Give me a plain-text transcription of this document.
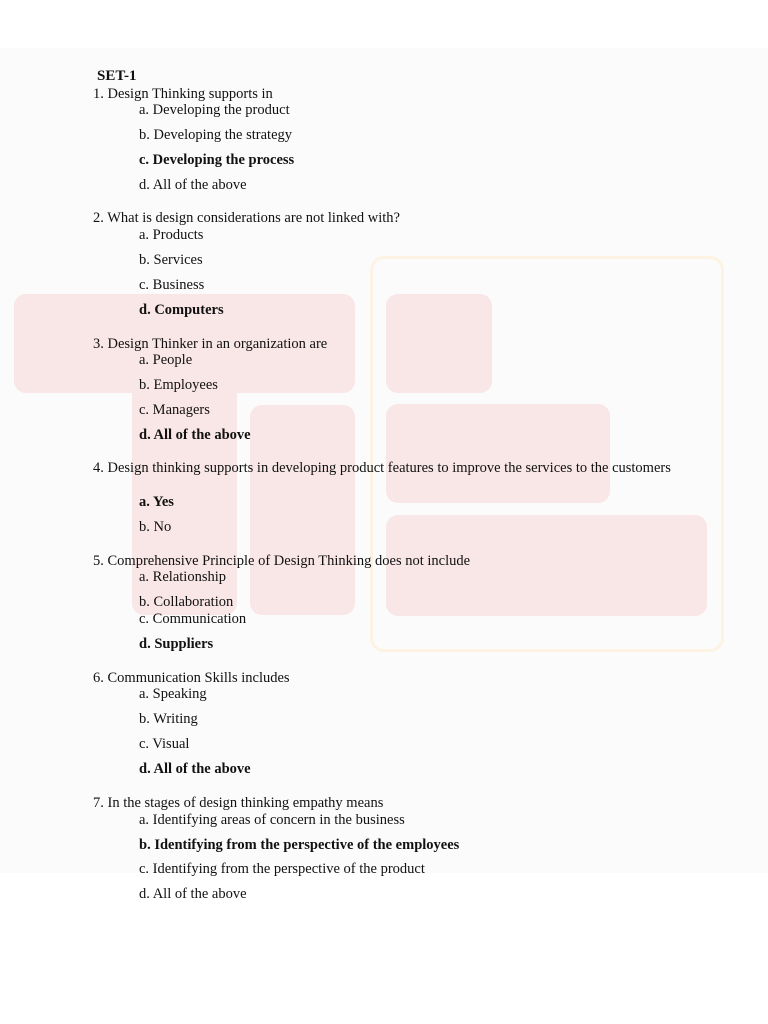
SET-1
1. Design Thinking supports in
a. Developing the product
b. Developing the strategy
c. Developing the process
d. All of the above
2. What is design considerations are not linked with?
a. Products
b. Services
c. Business
d. Computers
3. Design Thinker in an organization are
a. People
b. Employees
c. Managers
d. All of the above
4. Design thinking supports in developing product features to improve the services to the customers
a. Yes
b. No
5. Comprehensive Principle of Design Thinking does not include
a. Relationship
b. Collaboration
c. Communication
d. Suppliers
6. Communication Skills includes
a. Speaking
b. Writing
c. Visual
d. All of the above
7. In the stages of design thinking empathy means
a. Identifying areas of concern in the business
b. Identifying from the perspective of the employees
c. Identifying from the perspective of the product
d. All of the above
